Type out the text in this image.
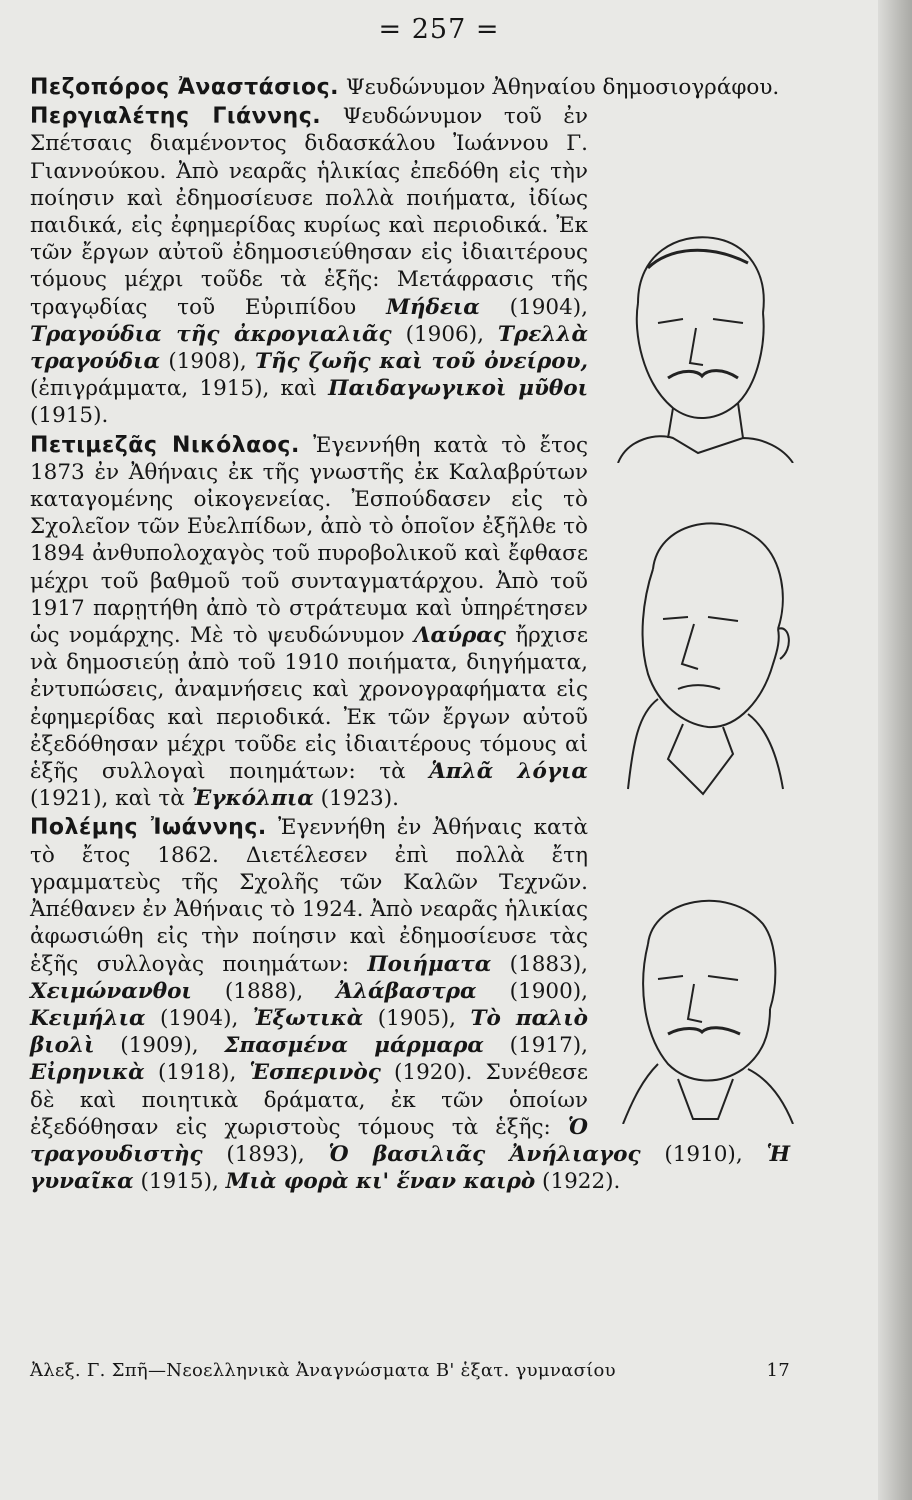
= 257 =

Πεζοπόρος Ἀναστάσιος. Ψευδώνυμον Ἀθηναίου δημοσιογράφου.

Περγιαλέτης Γιάννης. Ψευδώνυμον τοῦ ἐν Σπέτσαις διαμένοντος διδασκάλου Ἰωάννου Γ. Γιαννούκου. Ἀπὸ νεαρᾶς ἡλικίας ἐπεδόθη εἰς τὴν ποίησιν καὶ ἐδημοσίευσε πολλὰ ποιήματα, ἰδίως παιδικά, εἰς ἐφημερίδας κυρίως καὶ περιοδικά. Ἐκ τῶν ἔργων αὐτοῦ ἐδημοσιεύθησαν εἰς ἰδιαιτέρους τόμους μέχρι τοῦδε τὰ ἑξῆς: Μετάφρασις τῆς τραγῳδίας τοῦ Εὐριπίδου Μήδεια (1904), Τραγούδια τῆς ἀκρογιαλιᾶς (1906), Τρελλὰ τραγούδια (1908), Τῆς ζωῆς καὶ τοῦ ὀνείρου, (ἐπιγράμματα, 1915), καὶ Παιδαγωγικοὶ μῦθοι (1915).

Πετιμεζᾶς Νικόλαος. Ἐγεννήθη κατὰ τὸ ἔτος 1873 ἐν Ἀθήναις ἐκ τῆς γνωστῆς ἐκ Καλαβρύτων καταγομένης οἰκογενείας. Ἐσπούδασεν εἰς τὸ Σχολεῖον τῶν Εὐελπίδων, ἀπὸ τὸ ὁποῖον ἐξῆλθε τὸ 1894 ἀνθυπολοχαγὸς τοῦ πυροβολικοῦ καὶ ἔφθασε μέχρι τοῦ βαθμοῦ τοῦ συνταγματάρχου. Ἀπὸ τοῦ 1917 παρῃτήθη ἀπὸ τὸ στράτευμα καὶ ὑπηρέτησεν ὡς νομάρχης. Μὲ τὸ ψευδώνυμον Λαύρας ἤρχισε νὰ δημοσιεύῃ ἀπὸ τοῦ 1910 ποιήματα, διηγήματα, ἐντυπώσεις, ἀναμνήσεις καὶ χρονογραφήματα εἰς ἐφημερίδας καὶ περιοδικά. Ἐκ τῶν ἔργων αὐτοῦ ἐξεδόθησαν μέχρι τοῦδε εἰς ἰδιαιτέρους τόμους αἱ ἑξῆς συλλογαὶ ποιημάτων: τὰ Ἁπλᾶ λόγια (1921), καὶ τὰ Ἐγκόλπια (1923).

Πολέμης Ἰωάννης. Ἐγεννήθη ἐν Ἀθήναις κατὰ τὸ ἔτος 1862. Διετέλεσεν ἐπὶ πολλὰ ἔτη γραμματεὺς τῆς Σχολῆς τῶν Καλῶν Τεχνῶν. Ἀπέθανεν ἐν Ἀθήναις τὸ 1924. Ἀπὸ νεαρᾶς ἡλικίας ἀφωσιώθη εἰς τὴν ποίησιν καὶ ἐδημοσίευσε τὰς ἑξῆς συλλογὰς ποιημάτων: Ποιήματα (1883), Χειμώνανθοι (1888), Ἀλάβαστρα (1900), Κειμήλια (1904), Ἐξωτικὰ (1905), Τὸ παλιὸ βιολὶ (1909), Σπασμένα μάρμαρα (1917), Εἰρηνικὰ (1918), Ἑσπερινὸς (1920). Συνέθεσε δὲ καὶ ποιητικὰ δράματα, ἐκ τῶν ὁποίων ἐξεδόθησαν εἰς χωριστοὺς τόμους τὰ ἑξῆς: Ὁ τραγουδιστὴς (1893), Ὁ βασιλιᾶς Ἀνήλιαγος (1910), Ἡ γυναῖκα (1915), Μιὰ φορὰ κι' ἕναν καιρὸ (1922).

Ἀλεξ. Γ. Σπῆ—Νεοελληνικὰ Ἀναγνώσματα Β' ἑξατ. γυμνασίου	17
